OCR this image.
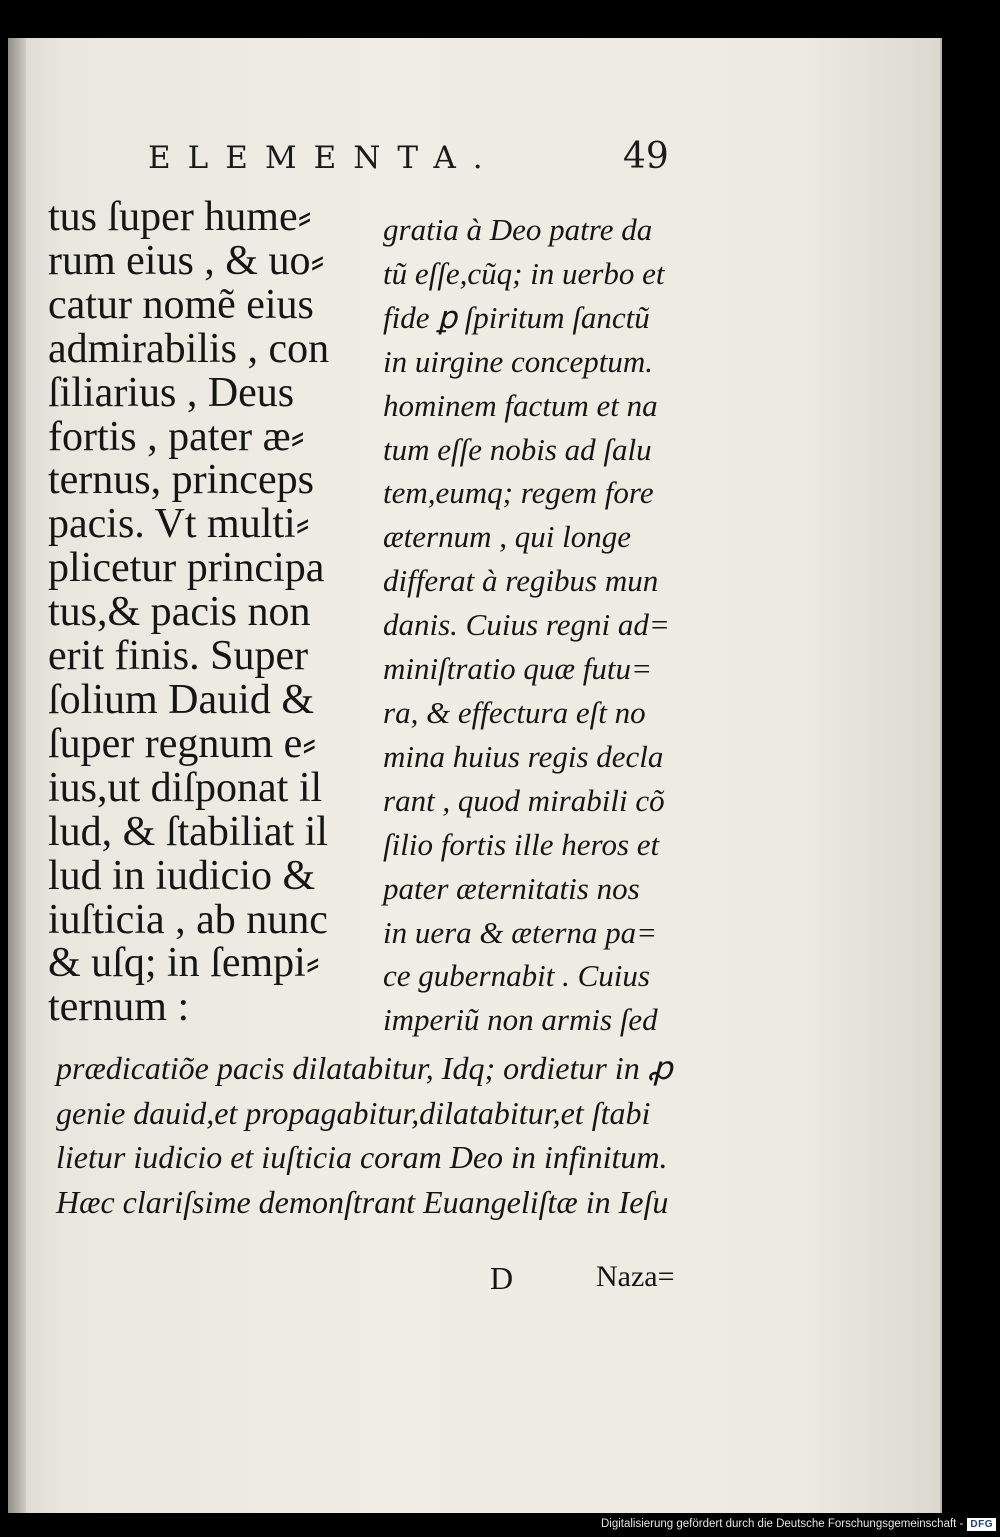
ELEMENTA.	49
tus ſuper hume⸗
rum eius , & uo⸗
catur nomẽ eius
admirabilis , con
ſiliarius , Deus
fortis , pater æ⸗
ternus, princeps
pacis. Vt multi⸗
plicetur principa
tus,& pacis non
erit finis. Super
ſolium Dauid &
ſuper regnum e⸗
ius,ut diſponat il
lud, & ſtabiliat il
lud in iudicio &
iuſticia , ab nunc
& uſq; in ſempi⸗
ternum :
gratia à Deo patre da
tũ eſſe,cũq; in uerbo et
fide ꝑ ſpiritum ſanctũ
in uirgine conceptum.
hominem factum et na
tum eſſe nobis ad ſalu
tem,eumq; regem fore
æternum , qui longe
differat à regibus mun
danis. Cuius regni ad=
miniſtratio quæ futu=
ra, & effectura eſt no
mina huius regis decla
rant , quod mirabili cõ
ſilio fortis ille heros et
pater æternitatis nos
in uera & æterna pa=
ce gubernabit . Cuius
imperiũ non armis ſed
prædicatiõe pacis dilatabitur, Idq; ordietur in ꝓ
genie dauid,et propagabitur,dilatabitur,et ſtabi
lietur iudicio et iuſticia coram Deo in infinitum.
Hæc clariſsime demonſtrant Euangeliſtæ in Ieſu
D	Naza=
Digitalisierung gefördert durch die Deutsche Forschungsgemeinschaft - DFG
